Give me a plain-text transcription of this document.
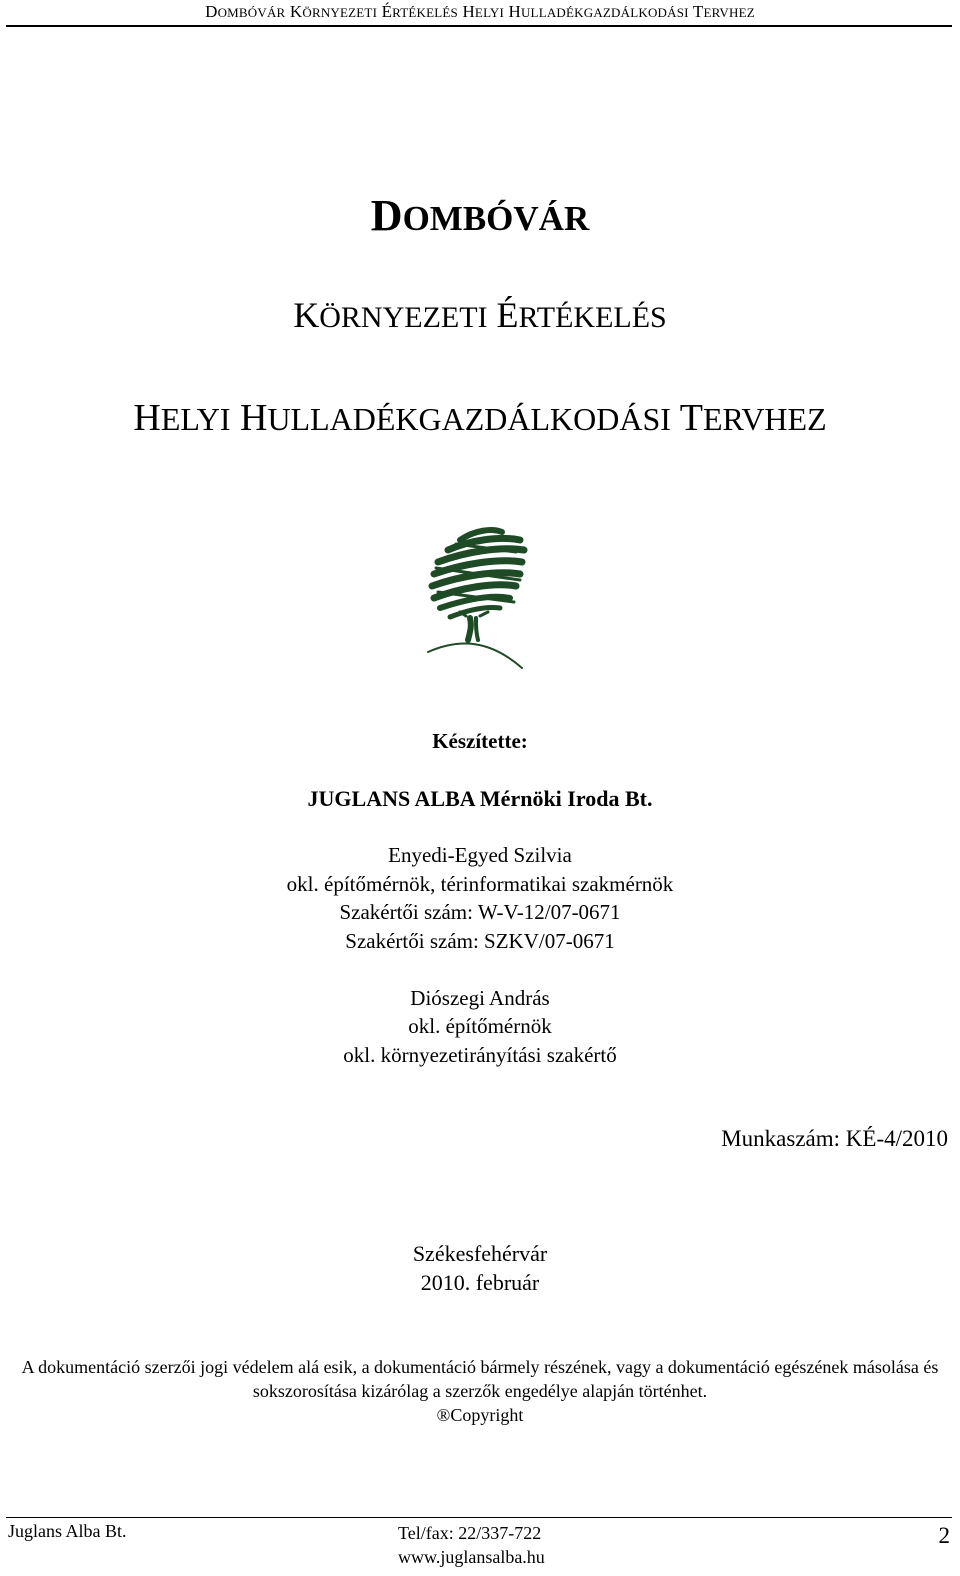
DOMBÓVÁR KÖRNYEZETI ÉRTÉKELÉS HELYI HULLADÉKGAZDÁLKODÁSI TERVHEZ
DOMBÓVÁR
KÖRNYEZETI ÉRTÉKELÉS
HELYI HULLADÉKGAZDÁLKODÁSI TERVHEZ
Készítette:
JUGLANS ALBA Mérnöki Iroda Bt.
Enyedi-Egyed Szilvia
okl. építőmérnök, térinformatikai szakmérnök
Szakértői szám: W-V-12/07-0671
Szakértői szám: SZKV/07-0671
Diószegi András
okl. építőmérnök
okl. környezetirányítási szakértő
Munkaszám: KÉ-4/2010
Székesfehérvár
2010. február
A dokumentáció szerzői jogi védelem alá esik, a dokumentáció bármely részének, vagy a dokumentáció egészének másolása és sokszorosítása kizárólag a szerzők engedélye alapján történhet.
®Copyright
Juglans Alba Bt.	Tel/fax: 22/337-722
www.juglansalba.hu
2
